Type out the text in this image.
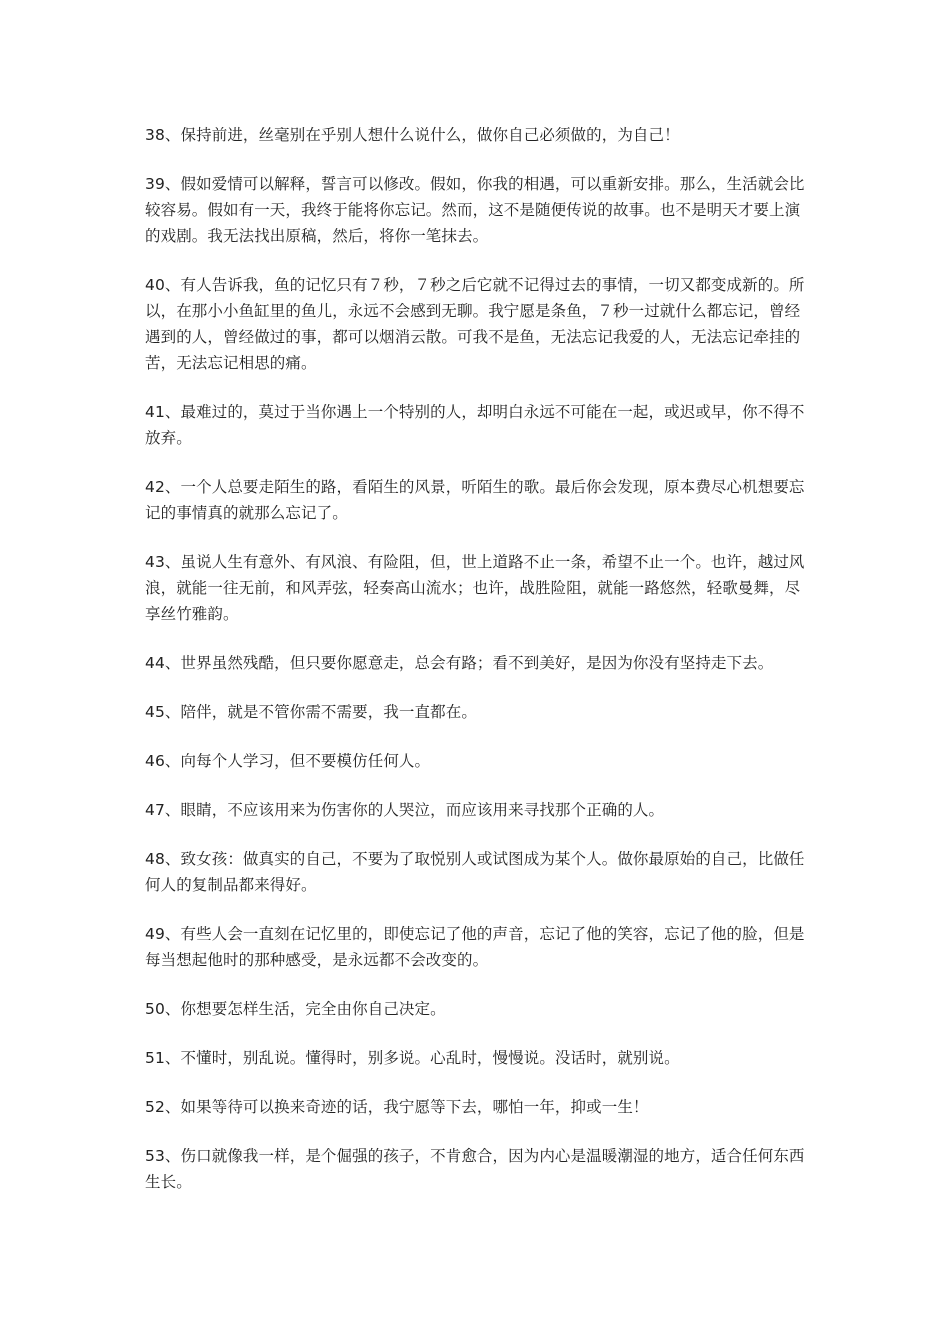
38、保持前进，丝毫别在乎别人想什么说什么，做你自己必须做的，为自己！

39、假如爱情可以解释，誓言可以修改。假如，你我的相遇，可以重新安排。那么，生活就会比较容易。假如有一天，我终于能将你忘记。然而，这不是随便传说的故事。也不是明天才要上演的戏剧。我无法找出原稿，然后，将你一笔抹去。

40、有人告诉我，鱼的记忆只有７秒，７秒之后它就不记得过去的事情，一切又都变成新的。所以，在那小小鱼缸里的鱼儿，永远不会感到无聊。我宁愿是条鱼，７秒一过就什么都忘记，曾经遇到的人，曾经做过的事，都可以烟消云散。可我不是鱼，无法忘记我爱的人，无法忘记牵挂的苦，无法忘记相思的痛。

41、最难过的，莫过于当你遇上一个特别的人，却明白永远不可能在一起，或迟或早，你不得不放弃。

42、一个人总要走陌生的路，看陌生的风景，听陌生的歌。最后你会发现，原本费尽心机想要忘记的事情真的就那么忘记了。

43、虽说人生有意外、有风浪、有险阻，但，世上道路不止一条，希望不止一个。也许，越过风浪，就能一往无前，和风弄弦，轻奏高山流水；也许，战胜险阻，就能一路悠然，轻歌曼舞，尽享丝竹雅韵。

44、世界虽然残酷，但只要你愿意走，总会有路；看不到美好，是因为你没有坚持走下去。

45、陪伴，就是不管你需不需要，我一直都在。

46、向每个人学习，但不要模仿任何人。

47、眼睛，不应该用来为伤害你的人哭泣，而应该用来寻找那个正确的人。

48、致女孩：做真实的自己，不要为了取悦别人或试图成为某个人。做你最原始的自己，比做任何人的复制品都来得好。

49、有些人会一直刻在记忆里的，即使忘记了他的声音，忘记了他的笑容，忘记了他的脸，但是每当想起他时的那种感受，是永远都不会改变的。

50、你想要怎样生活，完全由你自己决定。

51、不懂时，别乱说。懂得时，别多说。心乱时，慢慢说。没话时，就别说。

52、如果等待可以换来奇迹的话，我宁愿等下去，哪怕一年，抑或一生！

53、伤口就像我一样，是个倔强的孩子，不肯愈合，因为内心是温暖潮湿的地方，适合任何东西生长。
